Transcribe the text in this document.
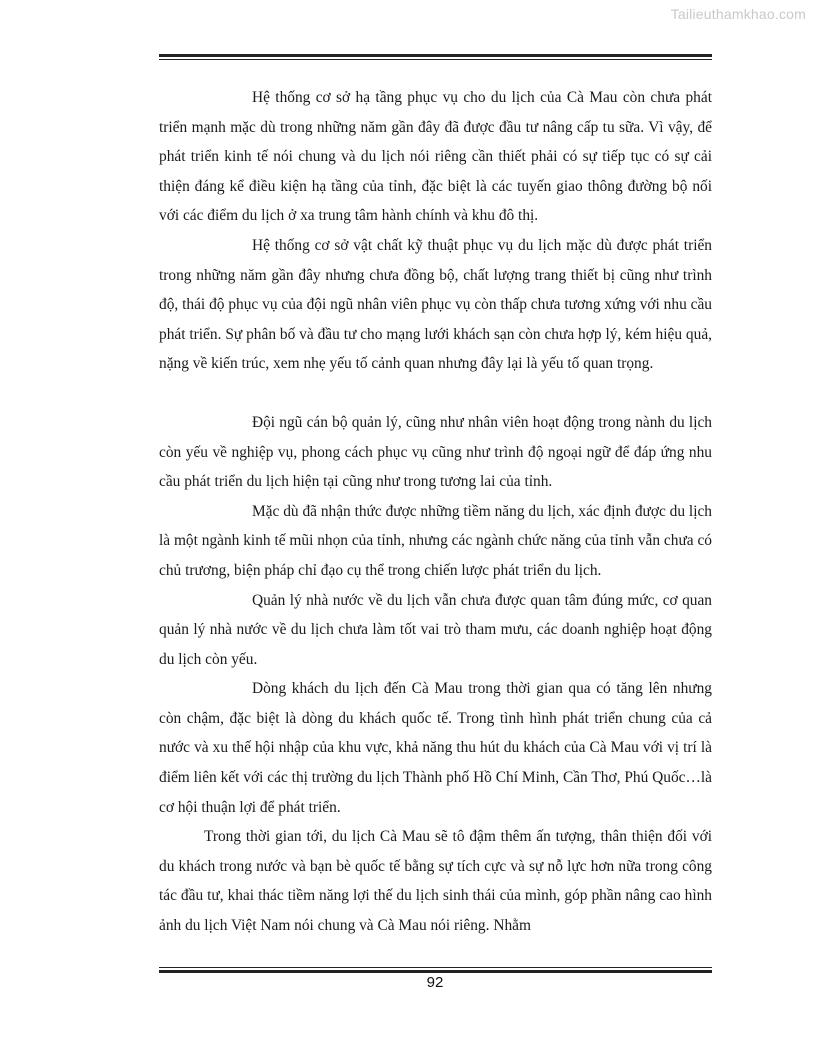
Tailieuthamkhao.com

Hệ thống cơ sở hạ tầng phục vụ cho du lịch của Cà Mau còn chưa phát triển mạnh mặc dù trong những năm gần đây đã được đầu tư nâng cấp tu sữa. Vì vậy, để phát triển kinh tế nói chung và du lịch nói riêng cần thiết phải có sự tiếp tục có sự cải thiện đáng kể điều kiện hạ tầng của tỉnh, đặc biệt là các tuyến giao thông đường bộ nối với các điểm du lịch ở xa trung tâm hành chính và khu đô thị.

Hệ thống cơ sở vật chất kỹ thuật phục vụ du lịch mặc dù được phát triển trong những năm gần đây nhưng chưa đồng bộ, chất lượng trang thiết bị cũng như trình độ, thái độ phục vụ của đội ngũ nhân viên phục vụ còn thấp chưa tương xứng với nhu cầu phát triển. Sự phân bố và đầu tư cho mạng lưới khách sạn còn chưa hợp lý, kém hiệu quả, nặng về kiến trúc, xem nhẹ yếu tố cảnh quan nhưng đây lại là yếu tố quan trọng.

Đội ngũ cán bộ quản lý, cũng như nhân viên hoạt động trong nành du lịch còn yếu về nghiệp vụ, phong cách phục vụ cũng như trình độ ngoại ngữ để đáp ứng nhu cầu phát triển du lịch hiện tại cũng như trong tương lai của tỉnh.

Mặc dù đã nhận thức được những tiềm năng du lịch, xác định được du lịch là một ngành kinh tế mũi nhọn của tỉnh, nhưng các ngành chức năng của tỉnh vẫn chưa có chủ trương, biện pháp chỉ đạo cụ thể trong chiến lược phát triển du lịch.

Quản lý nhà nước về du lịch vẫn chưa được quan tâm đúng mức, cơ quan quản lý nhà nước về du lịch chưa làm tốt vai trò tham mưu, các doanh nghiệp hoạt động du lịch còn yếu.

Dòng khách du lịch đến Cà Mau trong thời gian qua có tăng lên nhưng còn chậm, đặc biệt là dòng du khách quốc tế. Trong tình hình phát triển chung của cả nước và xu thế hội nhập của khu vực, khả năng thu hút du khách của Cà Mau với vị trí là điểm liên kết với các thị trường du lịch Thành phố Hồ Chí Minh, Cần Thơ, Phú Quốc…là cơ hội thuận lợi để phát triển.

Trong thời gian tới, du lịch Cà Mau sẽ tô đậm thêm ấn tượng, thân thiện đối với du khách trong nước và bạn bè quốc tế bằng sự tích cực và sự nỗ lực hơn nữa trong công tác đầu tư, khai thác tiềm năng lợi thế du lịch sinh thái của mình, góp phần nâng cao hình ảnh du lịch Việt Nam nói chung và Cà Mau nói riêng. Nhằm

92
